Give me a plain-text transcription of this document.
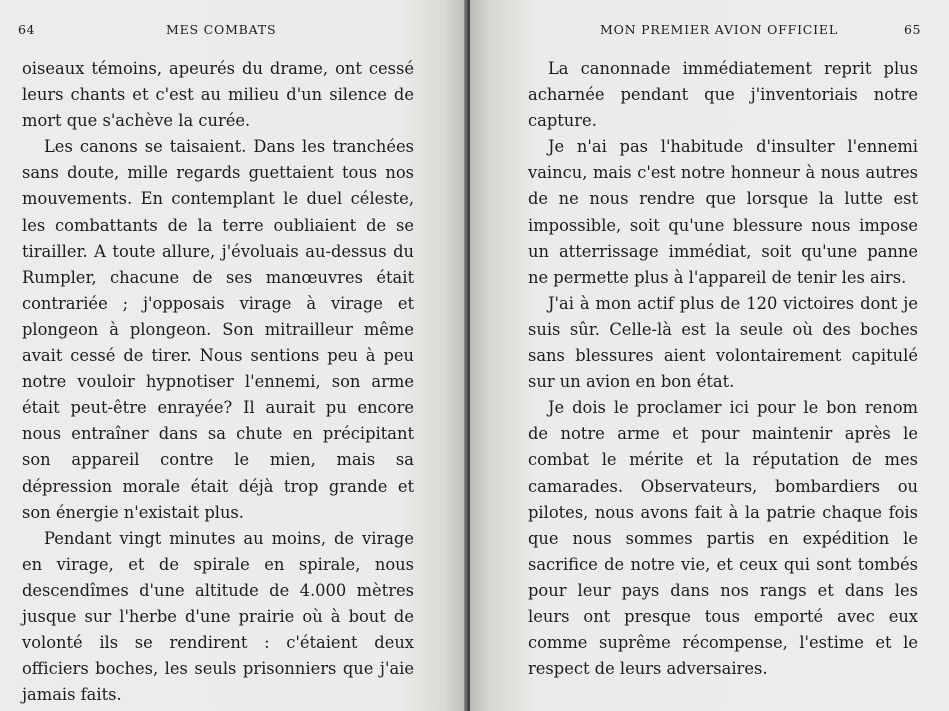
64	MES COMBATS

oiseaux témoins, apeurés du drame, ont cessé leurs chants et c'est au milieu d'un silence de mort que s'achève la curée.

Les canons se taisaient. Dans les tranchées sans doute, mille regards guettaient tous nos mouvements. En contemplant le duel céleste, les combattants de la terre oubliaient de se tirailler. A toute allure, j'évoluais au-dessus du Rumpler, chacune de ses manœuvres était contrariée ; j'opposais virage à virage et plongeon à plongeon. Son mitrailleur même avait cessé de tirer. Nous sentions peu à peu notre vouloir hypnotiser l'ennemi, son arme était peut-être enrayée? Il aurait pu encore nous entraîner dans sa chute en précipitant son appareil contre le mien, mais sa dépression morale était déjà trop grande et son énergie n'existait plus.

Pendant vingt minutes au moins, de virage en virage, et de spirale en spirale, nous descendîmes d'une altitude de 4.000 mètres jusque sur l'herbe d'une prairie où à bout de volonté ils se rendirent : c'étaient deux officiers boches, les seuls prisonniers que j'aie jamais faits.

MON PREMIER AVION OFFICIEL	65

La canonnade immédiatement reprit plus acharnée pendant que j'inventoriais notre capture.

Je n'ai pas l'habitude d'insulter l'ennemi vaincu, mais c'est notre honneur à nous autres de ne nous rendre que lorsque la lutte est impossible, soit qu'une blessure nous impose un atterrissage immédiat, soit qu'une panne ne permette plus à l'appareil de tenir les airs.

J'ai à mon actif plus de 120 victoires dont je suis sûr. Celle-là est la seule où des boches sans blessures aient volontairement capitulé sur un avion en bon état.

Je dois le proclamer ici pour le bon renom de notre arme et pour maintenir après le combat le mérite et la réputation de mes camarades. Observateurs, bombardiers ou pilotes, nous avons fait à la patrie chaque fois que nous sommes partis en expédition le sacrifice de notre vie, et ceux qui sont tombés pour leur pays dans nos rangs et dans les leurs ont presque tous emporté avec eux comme suprême récompense, l'estime et le respect de leurs adversaires.
